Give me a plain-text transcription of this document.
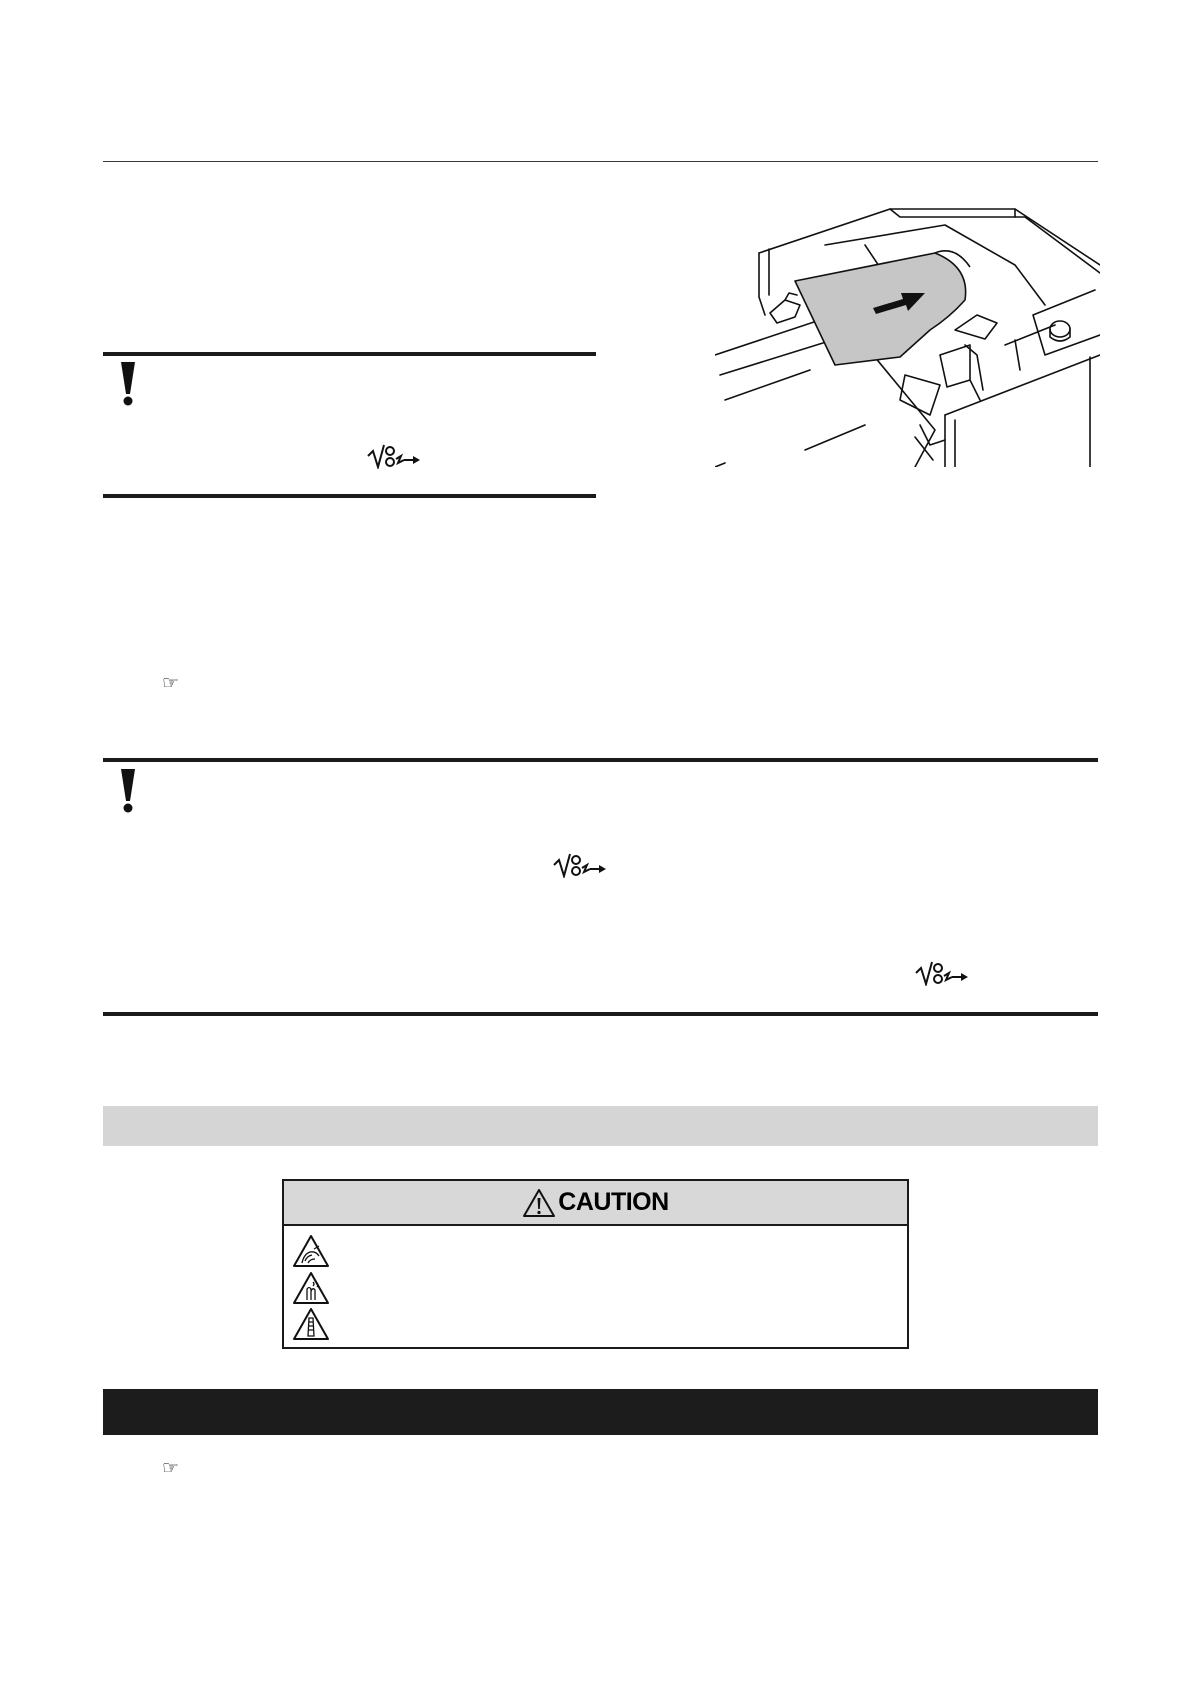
☞
CAUTION
☞
